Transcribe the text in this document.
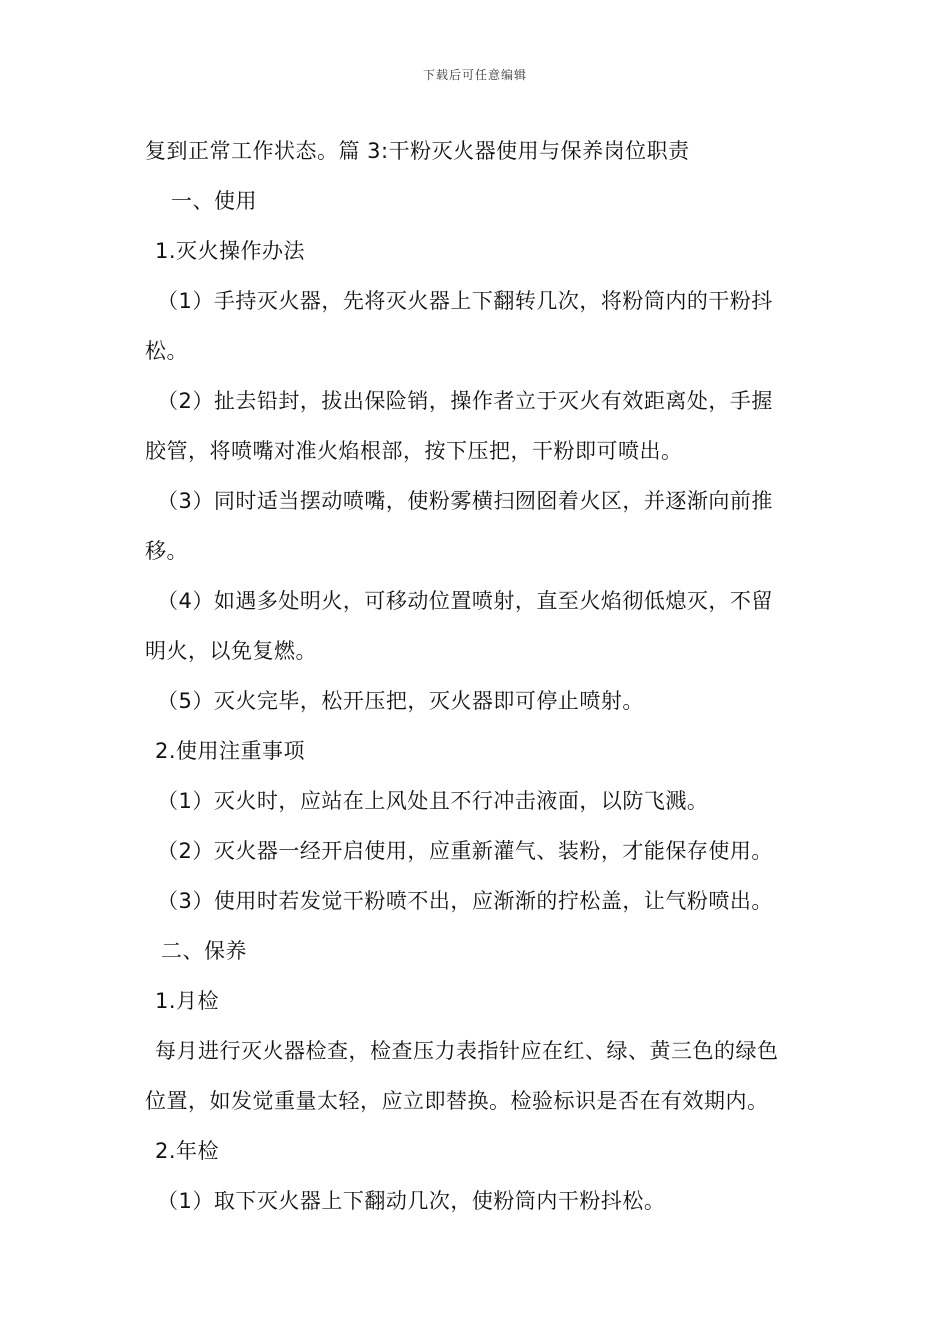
下载后可任意编辑
复到正常工作状态。篇 3:干粉灭火器使用与保养岗位职责
一、使用
1.灭火操作办法
（1）手持灭火器，先将灭火器上下翻转几次，将粉筒内的干粉抖
松。
（2）扯去铅封，拔出保险销，操作者立于灭火有效距离处，手握
胶管，将喷嘴对准火焰根部，按下压把，干粉即可喷出。
（3）同时适当摆动喷嘴，使粉雾横扫囫囵着火区，并逐渐向前推
移。
（4）如遇多处明火，可移动位置喷射，直至火焰彻低熄灭，不留
明火，以免复燃。
（5）灭火完毕，松开压把，灭火器即可停止喷射。
2.使用注重事项
（1）灭火时，应站在上风处且不行冲击液面，以防飞溅。
（2）灭火器一经开启使用，应重新灌气、装粉，才能保存使用。
（3）使用时若发觉干粉喷不出，应渐渐的拧松盖，让气粉喷出。
二、保养
1.月检
每月进行灭火器检查，检查压力表指针应在红、绿、黄三色的绿色
位置，如发觉重量太轻，应立即替换。检验标识是否在有效期内。
2.年检
（1）取下灭火器上下翻动几次，使粉筒内干粉抖松。
